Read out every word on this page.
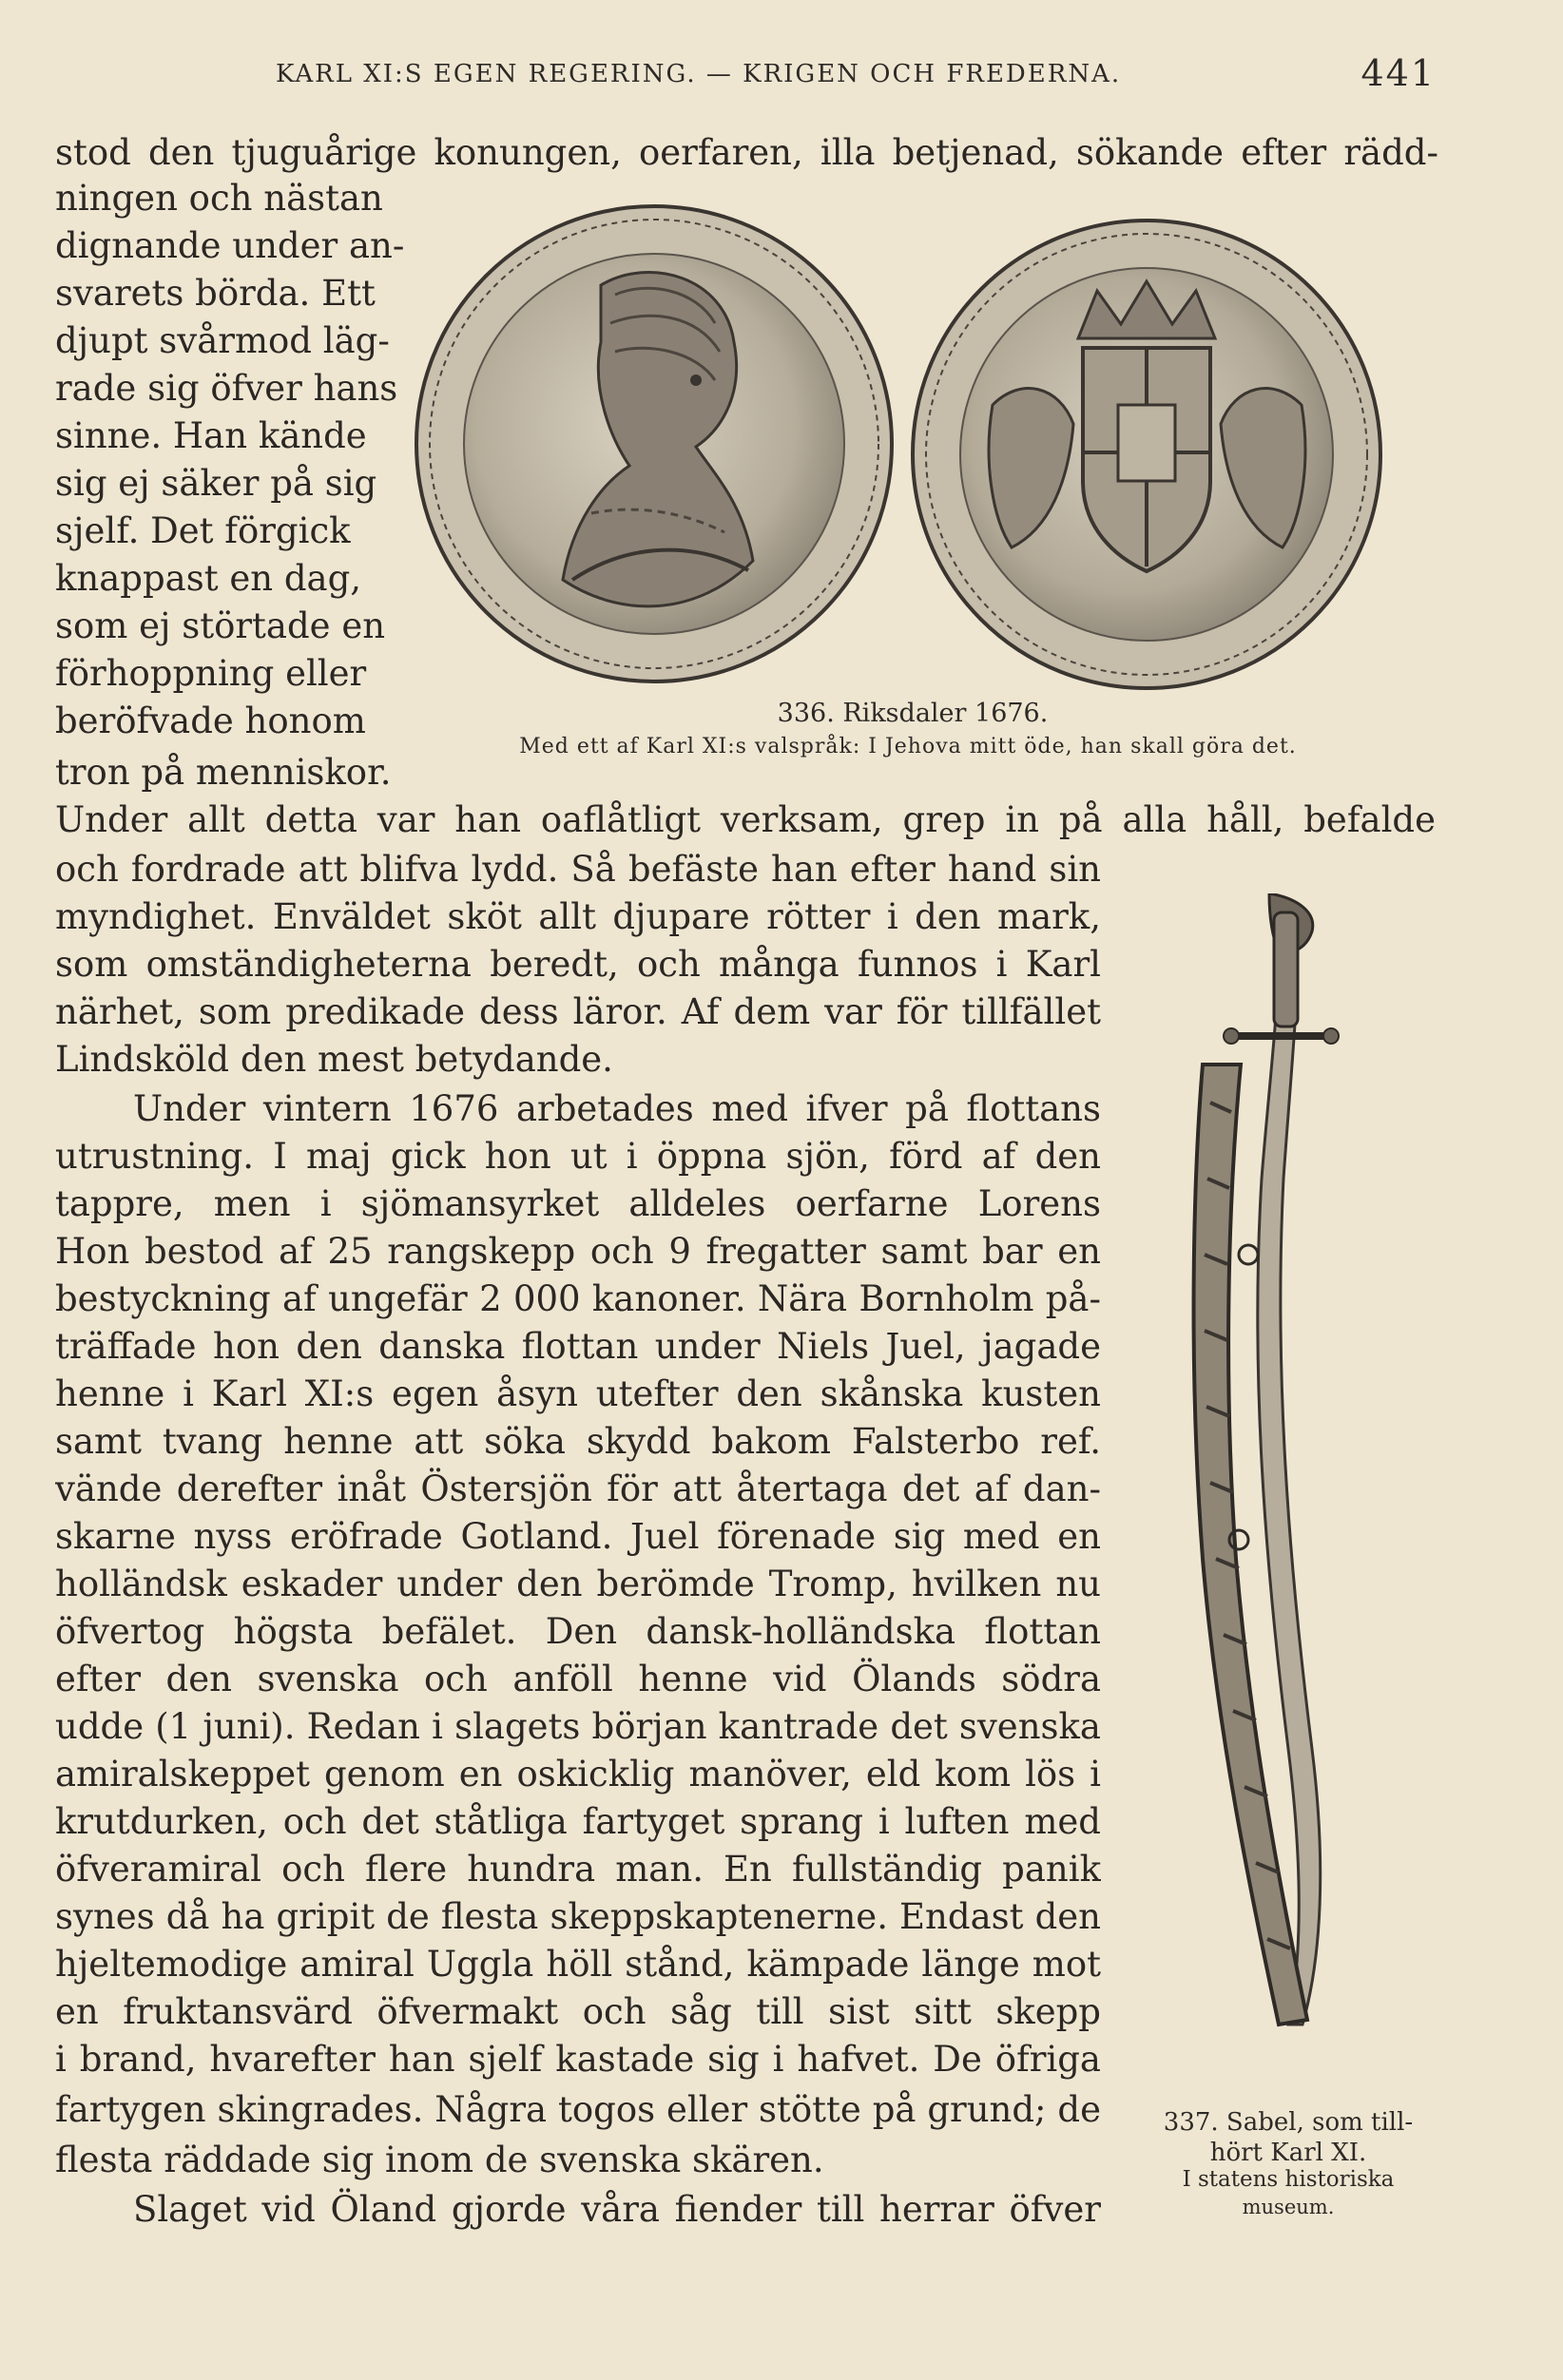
KARL XI:S EGEN REGERING. — KRIGEN OCH FREDERNA.	441
336. Riksdaler 1676.
Med ett af Karl XI:s valspråk: I Jehova mitt öde, han skall göra det.
337. Sabel, som till-
hört Karl XI.
I statens historiska
museum.
stod den tjuguårige konungen, oerfaren, illa betjenad, sökande efter rädd-
ningen och nästan
dignande under an-
svarets börda. Ett
djupt svårmod läg-
rade sig öfver hans
sinne. Han kände
sig ej säker på sig
sjelf. Det förgick
knappast en dag,
som ej störtade en
förhoppning eller
beröfvade honom
tron på menniskor.
Under allt detta var han oaflåtligt verksam, grep in på alla håll, befalde
och fordrade att blifva lydd. Så befäste han efter hand sin
myndighet. Enväldet sköt allt djupare rötter i den mark,
som omständigheterna beredt, och många funnos i Karl
närhet, som predikade dess läror. Af dem var för tillfället
Lindsköld den mest betydande.
Under vintern 1676 arbetades med ifver på flottans
utrustning. I maj gick hon ut i öppna sjön, förd af den
tappre, men i sjömansyrket alldeles oerfarne Lorens
Hon bestod af 25 rangskepp och 9 fregatter samt bar en
bestyckning af ungefär 2 000 kanoner. Nära Bornholm på-
träffade hon den danska flottan under Niels Juel, jagade
henne i Karl XI:s egen åsyn utefter den skånska kusten
samt tvang henne att söka skydd bakom Falsterbo ref.
vände derefter inåt Östersjön för att återtaga det af dan-
skarne nyss eröfrade Gotland. Juel förenade sig med en
holländsk eskader under den berömde Tromp, hvilken nu
öfvertog högsta befälet. Den dansk-holländska flottan
efter den svenska och anföll henne vid Ölands södra
udde (1 juni). Redan i slagets början kantrade det svenska
amiralskeppet genom en oskicklig manöver, eld kom lös i
krutdurken, och det ståtliga fartyget sprang i luften med
öfveramiral och flere hundra man. En fullständig panik
synes då ha gripit de flesta skeppskaptenerne. Endast den
hjeltemodige amiral Uggla höll stånd, kämpade länge mot
en fruktansvärd öfvermakt och såg till sist sitt skepp
i brand, hvarefter han sjelf kastade sig i hafvet. De öfriga
fartygen skingrades. Några togos eller stötte på grund; de
flesta räddade sig inom de svenska skären.
Slaget vid Öland gjorde våra fiender till herrar öfver
